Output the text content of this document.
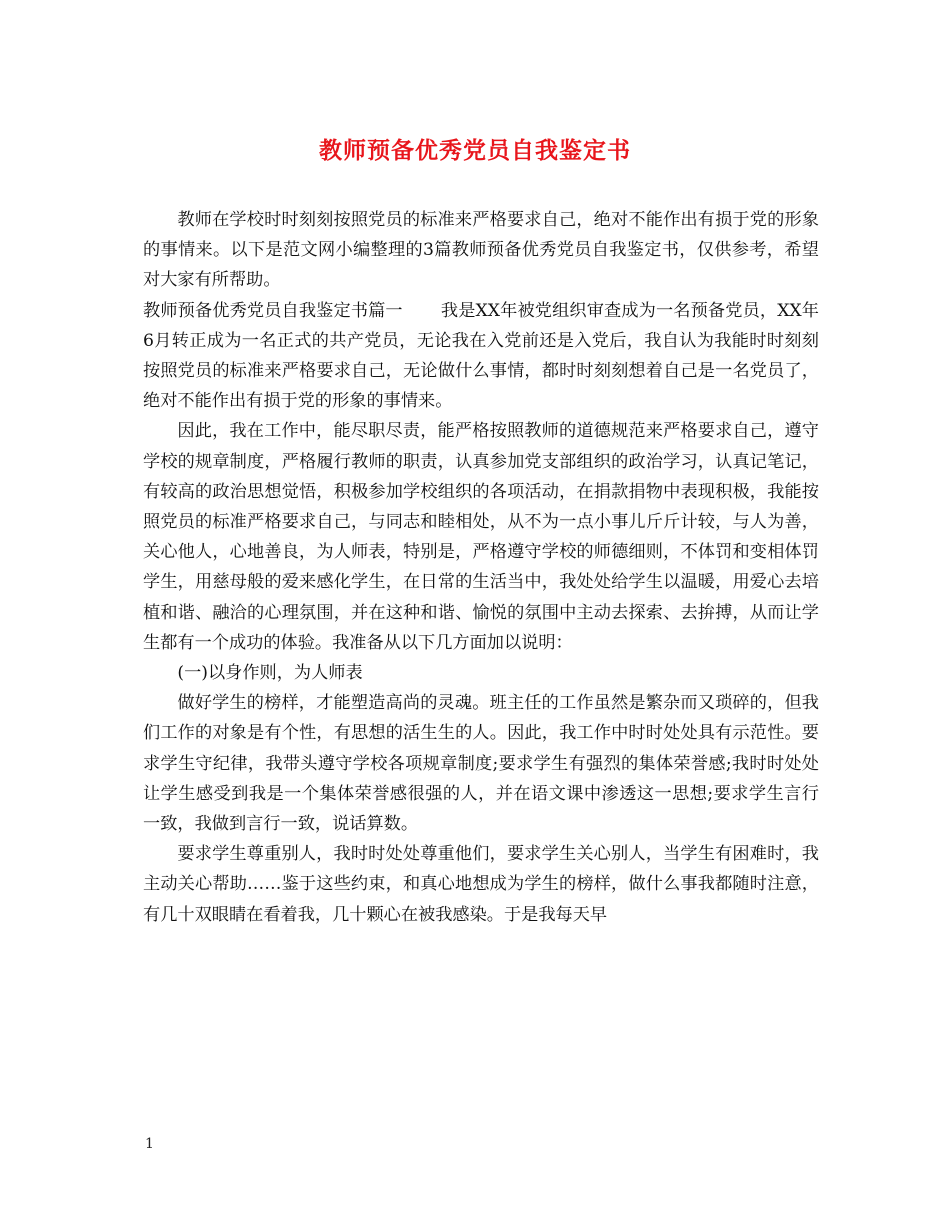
教师预备优秀党员自我鉴定书

教师在学校时时刻刻按照党员的标准来严格要求自己，绝对不能作出有损于党的形象的事情来。以下是范文网小编整理的3篇教师预备优秀党员自我鉴定书，仅供参考，希望对大家有所帮助。

教师预备优秀党员自我鉴定书篇一 我是XX年被党组织审查成为一名预备党员，XX年6月转正成为一名正式的共产党员，无论我在入党前还是入党后，我自认为我能时时刻刻按照党员的标准来严格要求自己，无论做什么事情，都时时刻刻想着自己是一名党员了，绝对不能作出有损于党的形象的事情来。

因此，我在工作中，能尽职尽责，能严格按照教师的道德规范来严格要求自己，遵守学校的规章制度，严格履行教师的职责，认真参加党支部组织的政治学习，认真记笔记，有较高的政治思想觉悟，积极参加学校组织的各项活动，在捐款捐物中表现积极，我能按照党员的标准严格要求自己，与同志和睦相处，从不为一点小事儿斤斤计较，与人为善，关心他人，心地善良，为人师表，特别是，严格遵守学校的师德细则，不体罚和变相体罚学生，用慈母般的爱来感化学生，在日常的生活当中，我处处给学生以温暖，用爱心去培植和谐、融洽的心理氛围，并在这种和谐、愉悦的氛围中主动去探索、去拚搏，从而让学生都有一个成功的体验。我准备从以下几方面加以说明：

(一)以身作则，为人师表

做好学生的榜样，才能塑造高尚的灵魂。班主任的工作虽然是繁杂而又琐碎的，但我们工作的对象是有个性，有思想的活生生的人。因此，我工作中时时处处具有示范性。要求学生守纪律，我带头遵守学校各项规章制度;要求学生有强烈的集体荣誉感;我时时处处让学生感受到我是一个集体荣誉感很强的人，并在语文课中渗透这一思想;要求学生言行一致，我做到言行一致，说话算数。

要求学生尊重别人，我时时处处尊重他们，要求学生关心别人，当学生有困难时，我主动关心帮助……鉴于这些约束，和真心地想成为学生的榜样，做什么事我都随时注意，有几十双眼睛在看着我，几十颗心在被我感染。于是我每天早

1
